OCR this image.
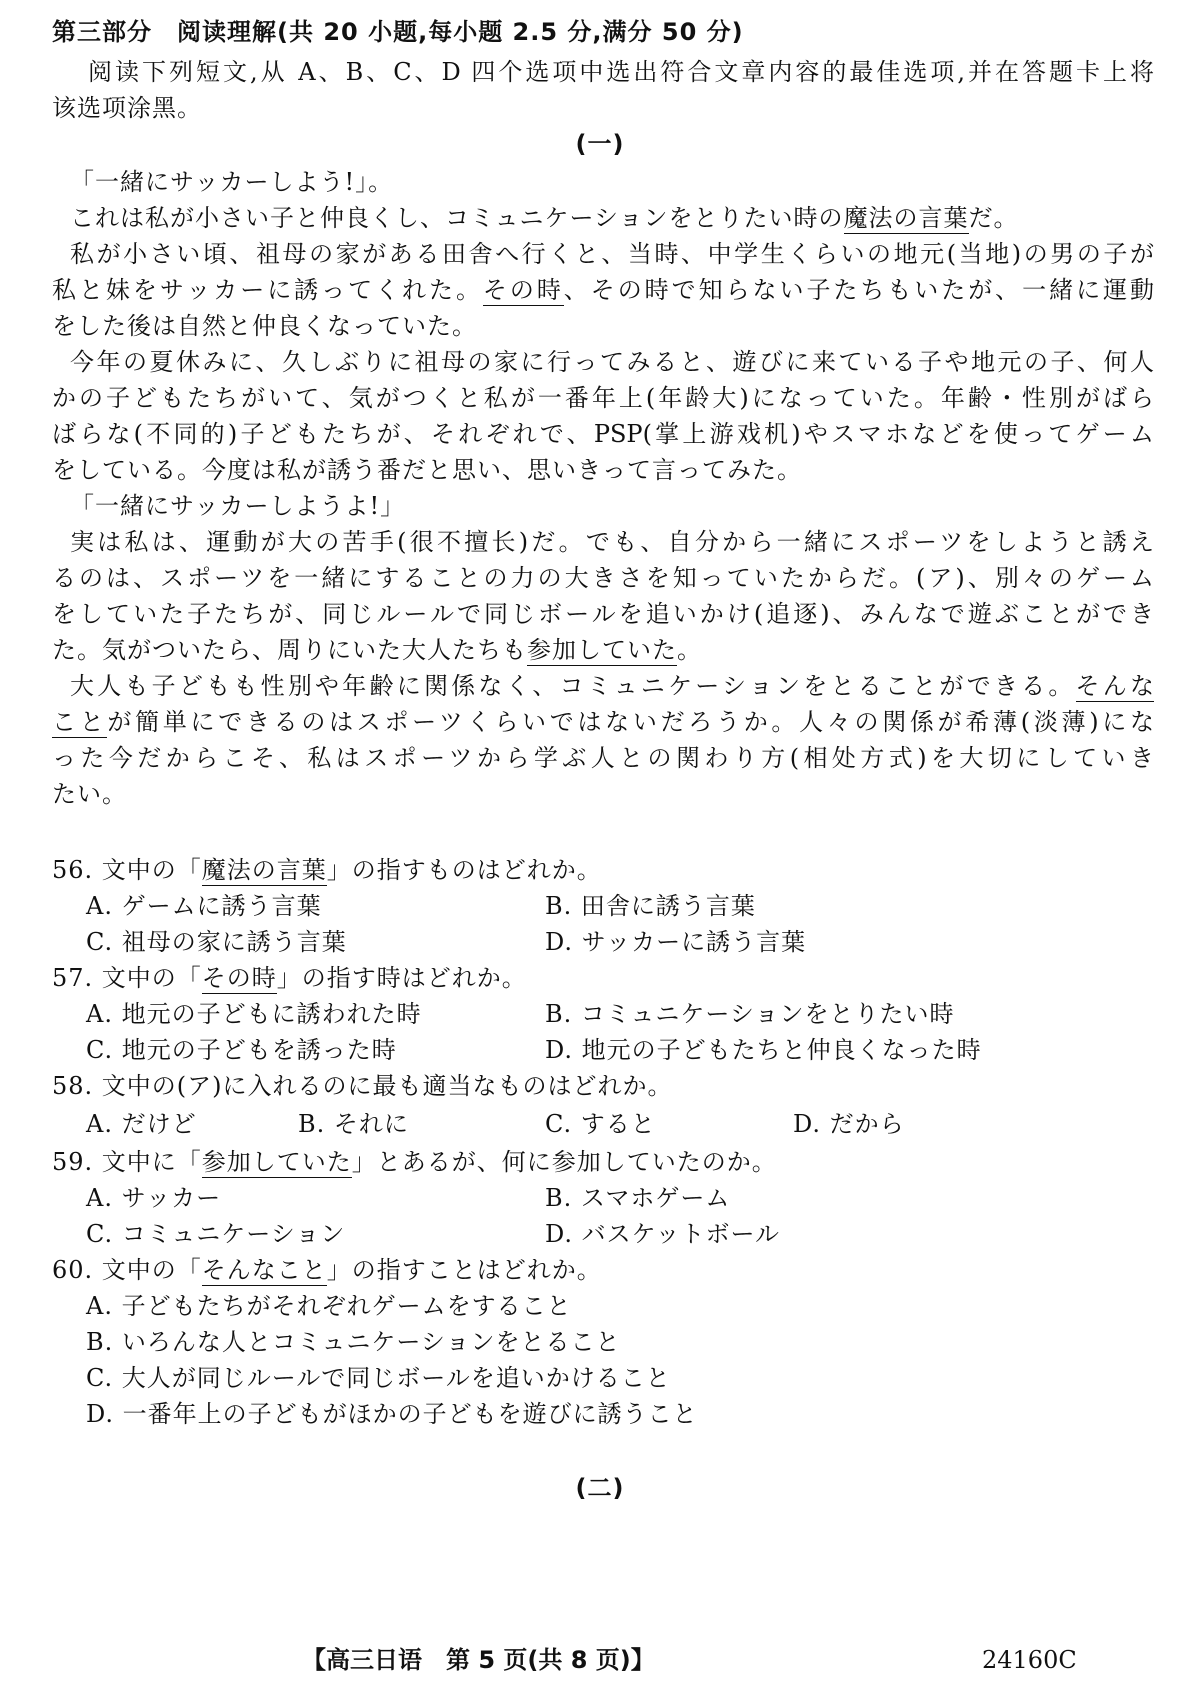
第三部分　阅读理解(共 20 小题,每小题 2.5 分,满分 50 分)
阅读下列短文,从 A、B、C、D 四个选项中选出符合文章内容的最佳选项,并在答题卡上将
该选项涂黑。
(一)
「一緒にサッカーしよう!」。
これは私が小さい子と仲良くし、コミュニケーションをとりたい時の魔法の言葉だ。
私が小さい頃、祖母の家がある田舎へ行くと、当時、中学生くらいの地元(当地)の男の子が
私と妹をサッカーに誘ってくれた。その時、その時で知らない子たちもいたが、一緒に運動
をした後は自然と仲良くなっていた。
今年の夏休みに、久しぶりに祖母の家に行ってみると、遊びに来ている子や地元の子、何人
かの子どもたちがいて、気がつくと私が一番年上(年龄大)になっていた。年齢・性別がばら
ばらな(不同的)子どもたちが、それぞれで、PSP(掌上游戏机)やスマホなどを使ってゲーム
をしている。今度は私が誘う番だと思い、思いきって言ってみた。
「一緒にサッカーしようよ!」
実は私は、運動が大の苦手(很不擅长)だ。でも、自分から一緒にスポーツをしようと誘え
るのは、スポーツを一緒にすることの力の大きさを知っていたからだ。(ア)、別々のゲーム
をしていた子たちが、同じルールで同じボールを追いかけ(追逐)、みんなで遊ぶことができ
た。気がついたら、周りにいた大人たちも参加していた。
大人も子どもも性別や年齢に関係なく、コミュニケーションをとることができる。そんな
ことが簡単にできるのはスポーツくらいではないだろうか。人々の関係が希薄(淡薄)にな
った今だからこそ、私はスポーツから学ぶ人との関わり方(相处方式)を大切にしていき
たい。
56. 文中の「魔法の言葉」の指すものはどれか。
A. ゲームに誘う言葉	B. 田舎に誘う言葉
C. 祖母の家に誘う言葉	D. サッカーに誘う言葉
57. 文中の「その時」の指す時はどれか。
A. 地元の子どもに誘われた時	B. コミュニケーションをとりたい時
C. 地元の子どもを誘った時	D. 地元の子どもたちと仲良くなった時
58. 文中の(ア)に入れるのに最も適当なものはどれか。
A. だけど	B. それに	C. すると	D. だから
59. 文中に「参加していた」とあるが、何に参加していたのか。
A. サッカー	B. スマホゲーム
C. コミュニケーション	D. バスケットボール
60. 文中の「そんなこと」の指すことはどれか。
A. 子どもたちがそれぞれゲームをすること
B. いろんな人とコミュニケーションをとること
C. 大人が同じルールで同じボールを追いかけること
D. 一番年上の子どもがほかの子どもを遊びに誘うこと
(二)
【高三日语　第 5 页(共 8 页)】	24160C
